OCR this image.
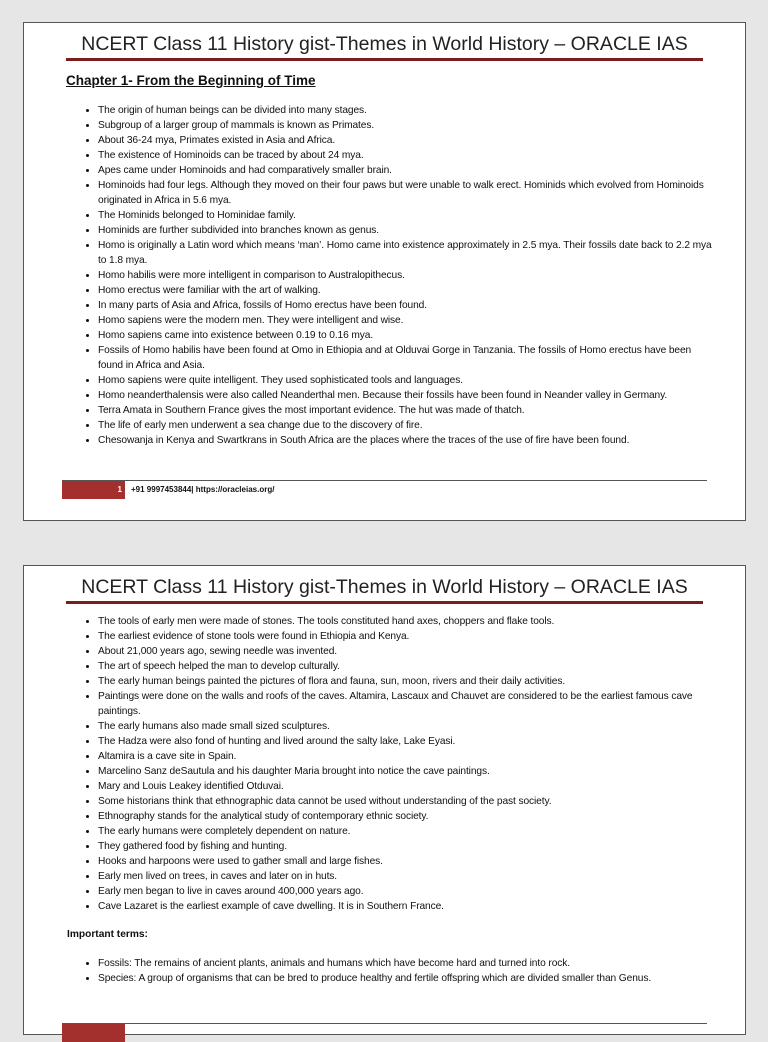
NCERT Class 11 History gist-Themes in World History – ORACLE IAS
Chapter 1- From the Beginning of Time
• The origin of human beings can be divided into many stages.
• Subgroup of a larger group of mammals is known as Primates.
• About 36-24 mya, Primates existed in Asia and Africa.
• The existence of Hominoids can be traced by about 24 mya.
• Apes came under Hominoids and had comparatively smaller brain.
• Hominoids had four legs. Although they moved on their four paws but were unable to walk erect. Hominids which evolved from Hominoids originated in Africa in 5.6 mya.
• The Hominids belonged to Hominidae family.
• Hominids are further subdivided into branches known as genus.
• Homo is originally a Latin word which means ‘man’. Homo came into existence approximately in 2.5 mya. Their fossils date back to 2.2 mya to 1.8 mya.
• Homo habilis were more intelligent in comparison to Australopithecus.
• Homo erectus were familiar with the art of walking.
• In many parts of Asia and Africa, fossils of Homo erectus have been found.
• Homo sapiens were the modern men. They were intelligent and wise.
• Homo sapiens came into existence between 0.19 to 0.16 mya.
• Fossils of Homo habilis have been found at Omo in Ethiopia and at Olduvai Gorge in Tanzania. The fossils of Homo erectus have been found in Africa and Asia.
• Homo sapiens were quite intelligent. They used sophisticated tools and languages.
• Homo neanderthalensis were also called Neanderthal men. Because their fossils have been found in Neander valley in Germany.
• Terra Amata in Southern France gives the most important evidence. The hut was made of thatch.
• The life of early men underwent a sea change due to the discovery of fire.
• Chesowanja in Kenya and Swartkrans in South Africa are the places where the traces of the use of fire have been found.
1	+91 9997453844| https://oracleias.org/
NCERT Class 11 History gist-Themes in World History – ORACLE IAS
• The tools of early men were made of stones. The tools constituted hand axes, choppers and flake tools.
• The earliest evidence of stone tools were found in Ethiopia and Kenya.
• About 21,000 years ago, sewing needle was invented.
• The art of speech helped the man to develop culturally.
• The early human beings painted the pictures of flora and fauna, sun, moon, rivers and their daily activities.
• Paintings were done on the walls and roofs of the caves. Altamira, Lascaux and Chauvet are considered to be the earliest famous cave paintings.
• The early humans also made small sized sculptures.
• The Hadza were also fond of hunting and lived around the salty lake, Lake Eyasi.
• Altamira is a cave site in Spain.
• Marcelino Sanz deSautula and his daughter Maria brought into notice the cave paintings.
• Mary and Louis Leakey identified Otduvai.
• Some historians think that ethnographic data cannot be used without understanding of the past society.
• Ethnography stands for the analytical study of contemporary ethnic society.
• The early humans were completely dependent on nature.
• They gathered food by fishing and hunting.
• Hooks and harpoons were used to gather small and large fishes.
• Early men lived on trees, in caves and later on in huts.
• Early men began to live in caves around 400,000 years ago.
• Cave Lazaret is the earliest example of cave dwelling. It is in Southern France.
Important terms:
• Fossils: The remains of ancient plants, animals and humans which have become hard and turned into rock.
• Species: A group of organisms that can be bred to produce healthy and fertile offspring which are divided smaller than Genus.
